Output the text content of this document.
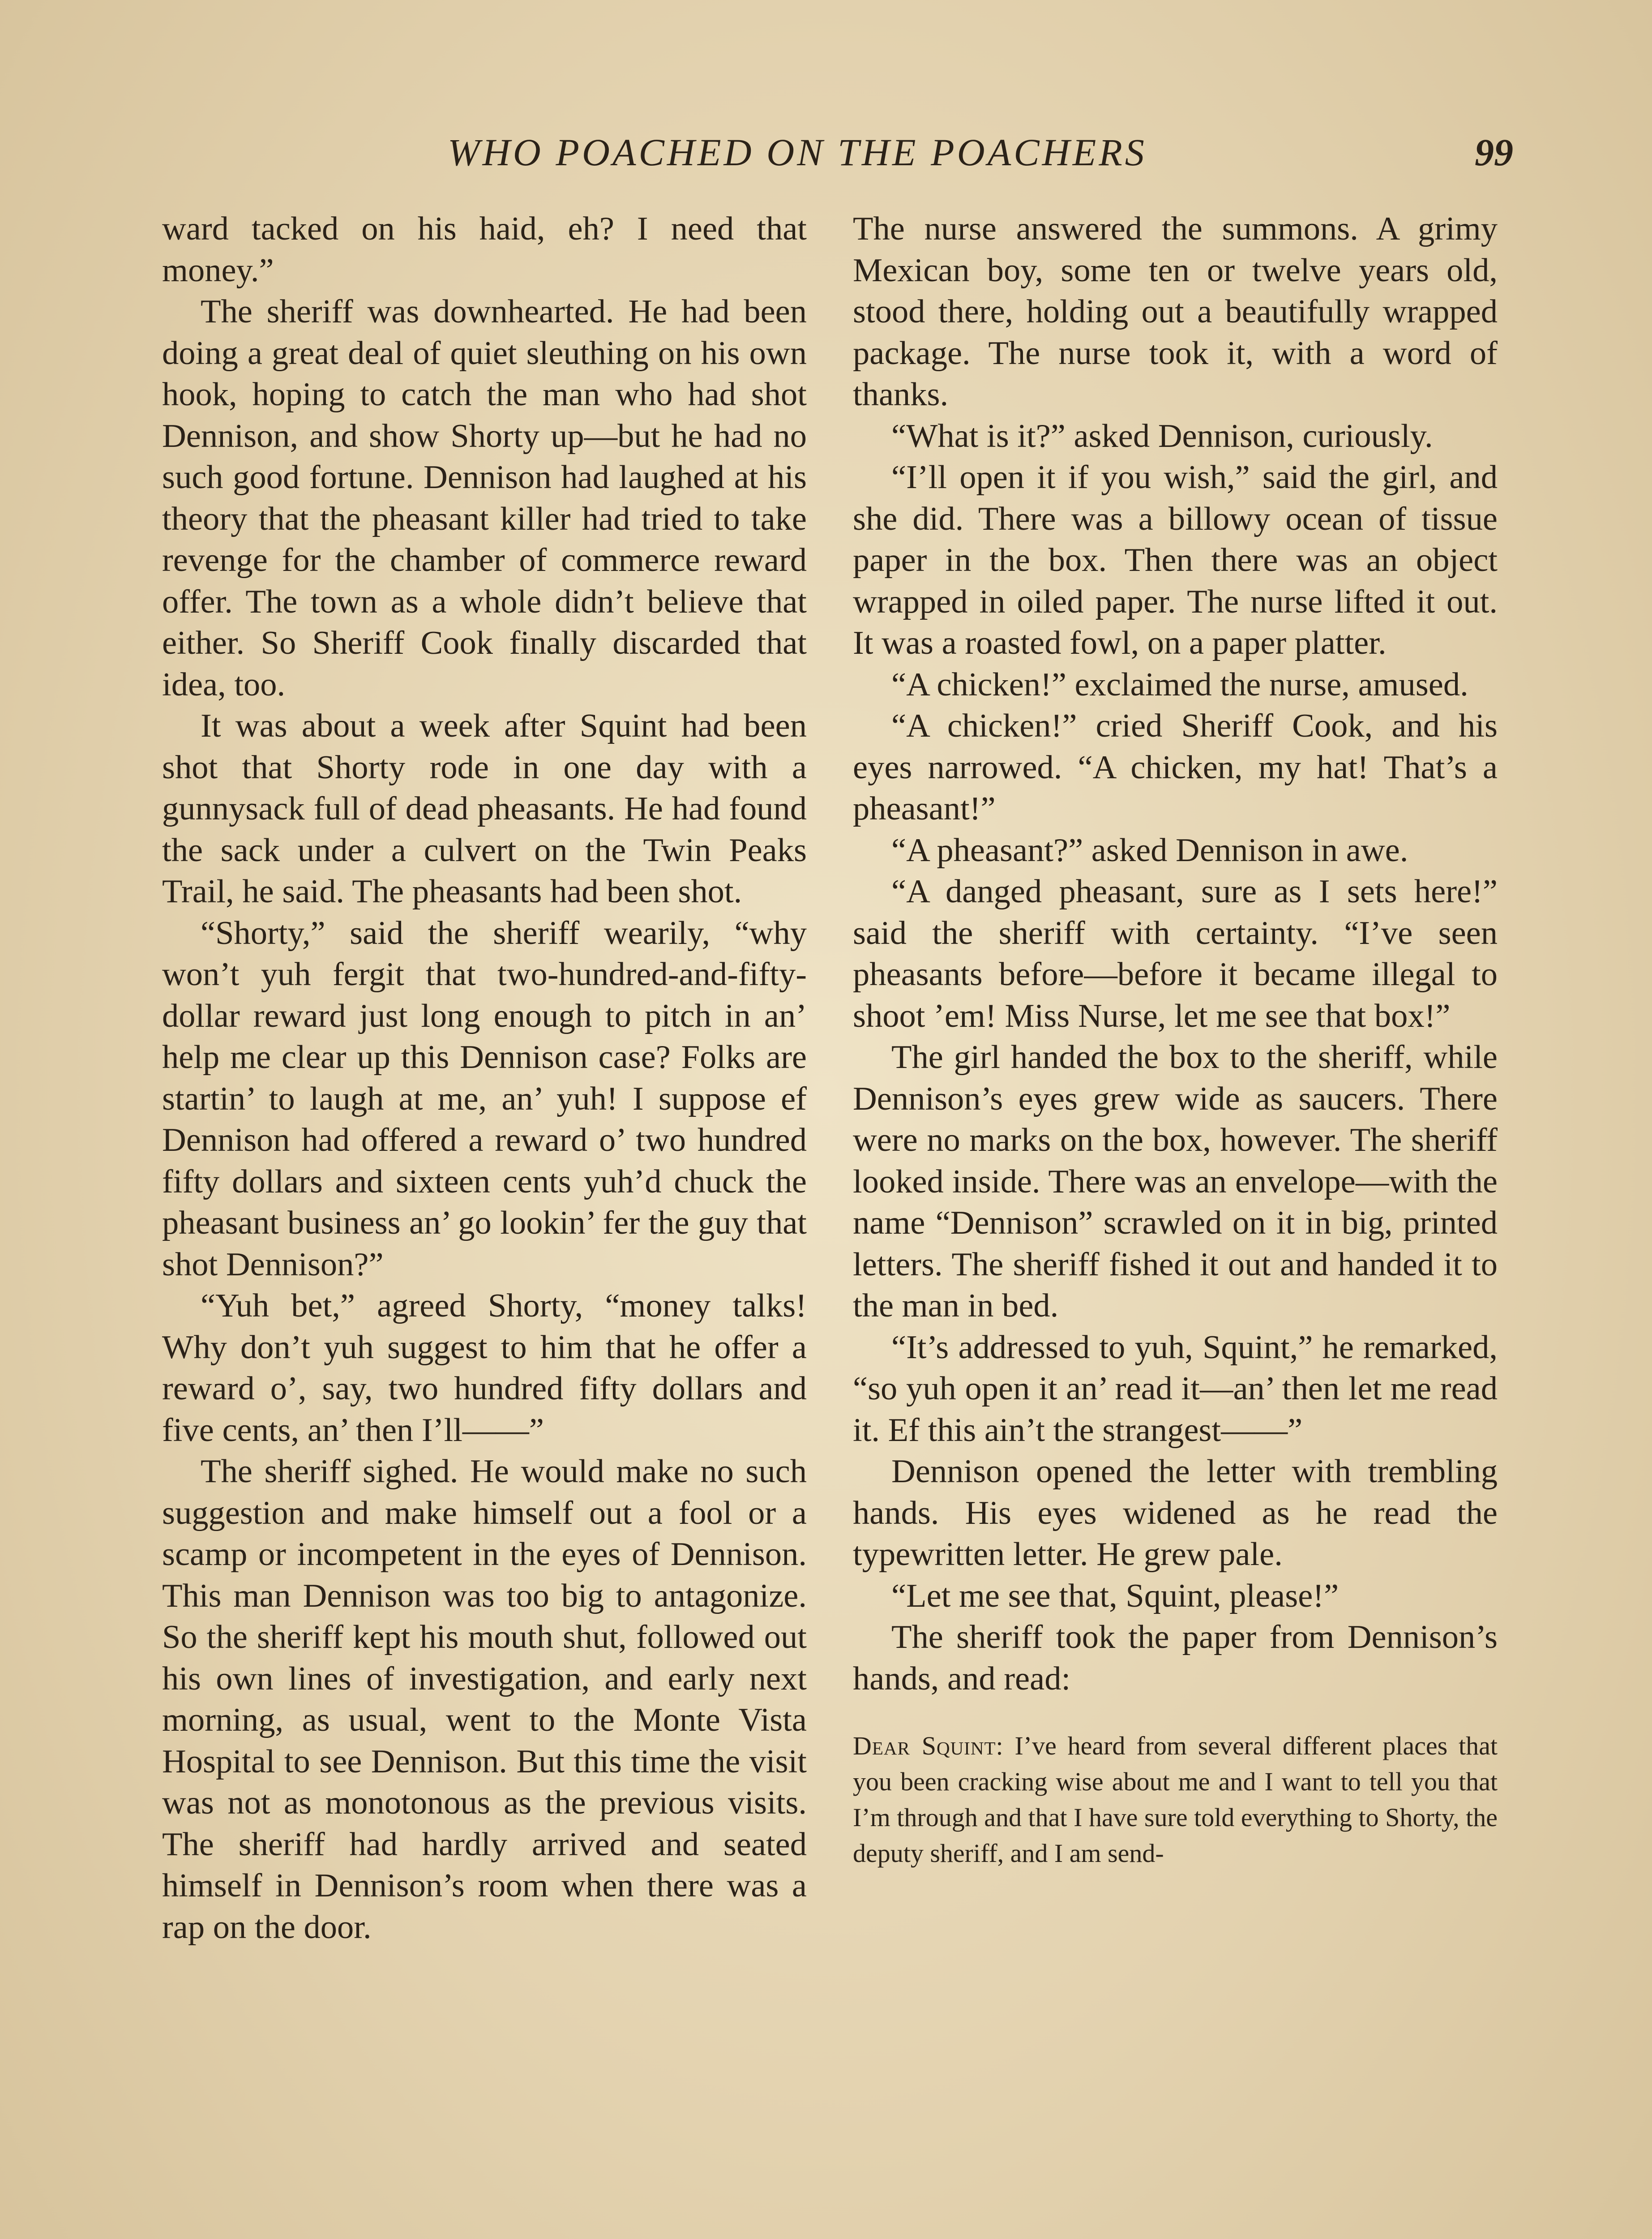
WHO POACHED ON THE POACHERS	99

ward tacked on his haid, eh? I need that money.”

The sheriff was downhearted. He had been doing a great deal of quiet sleuthing on his own hook, hoping to catch the man who had shot Dennison, and show Shorty up—but he had no such good fortune. Dennison had laughed at his theory that the pheasant killer had tried to take revenge for the chamber of commerce reward offer. The town as a whole didn’t believe that either. So Sheriff Cook finally discarded that idea, too.

It was about a week after Squint had been shot that Shorty rode in one day with a gunnysack full of dead pheasants. He had found the sack under a culvert on the Twin Peaks Trail, he said. The pheasants had been shot.

“Shorty,” said the sheriff wearily, “why won’t yuh fergit that two-hundred-and-fifty-dollar reward just long enough to pitch in an’ help me clear up this Dennison case? Folks are startin’ to laugh at me, an’ yuh! I suppose ef Dennison had offered a reward o’ two hundred fifty dollars and sixteen cents yuh’d chuck the pheasant business an’ go lookin’ fer the guy that shot Dennison?”

“Yuh bet,” agreed Shorty, “money talks! Why don’t yuh suggest to him that he offer a reward o’, say, two hundred fifty dollars and five cents, an’ then I’ll——”

The sheriff sighed. He would make no such suggestion and make himself out a fool or a scamp or incompetent in the eyes of Dennison. This man Dennison was too big to antagonize. So the sheriff kept his mouth shut, followed out his own lines of investigation, and early next morning, as usual, went to the Monte Vista Hospital to see Dennison. But this time the visit was not as monotonous as the previous visits. The sheriff had hardly arrived and seated himself in Dennison’s room when there was a rap on the door.

The nurse answered the summons. A grimy Mexican boy, some ten or twelve years old, stood there, holding out a beautifully wrapped package. The nurse took it, with a word of thanks.

“What is it?” asked Dennison, curiously.

“I’ll open it if you wish,” said the girl, and she did. There was a billowy ocean of tissue paper in the box. Then there was an object wrapped in oiled paper. The nurse lifted it out. It was a roasted fowl, on a paper platter.

“A chicken!” exclaimed the nurse, amused.

“A chicken!” cried Sheriff Cook, and his eyes narrowed. “A chicken, my hat! That’s a pheasant!”

“A pheasant?” asked Dennison in awe.

“A danged pheasant, sure as I sets here!” said the sheriff with certainty. “I’ve seen pheasants before—before it became illegal to shoot ’em! Miss Nurse, let me see that box!”

The girl handed the box to the sheriff, while Dennison’s eyes grew wide as saucers. There were no marks on the box, however. The sheriff looked inside. There was an envelope—with the name “Dennison” scrawled on it in big, printed letters. The sheriff fished it out and handed it to the man in bed.

“It’s addressed to yuh, Squint,” he remarked, “so yuh open it an’ read it—an’ then let me read it. Ef this ain’t the strangest——”

Dennison opened the letter with trembling hands. His eyes widened as he read the typewritten letter. He grew pale.

“Let me see that, Squint, please!”

The sheriff took the paper from Dennison’s hands, and read:

Dear Squint: I’ve heard from several different places that you been cracking wise about me and I want to tell you that I’m through and that I have sure told everything to Shorty, the deputy sheriff, and I am send-
